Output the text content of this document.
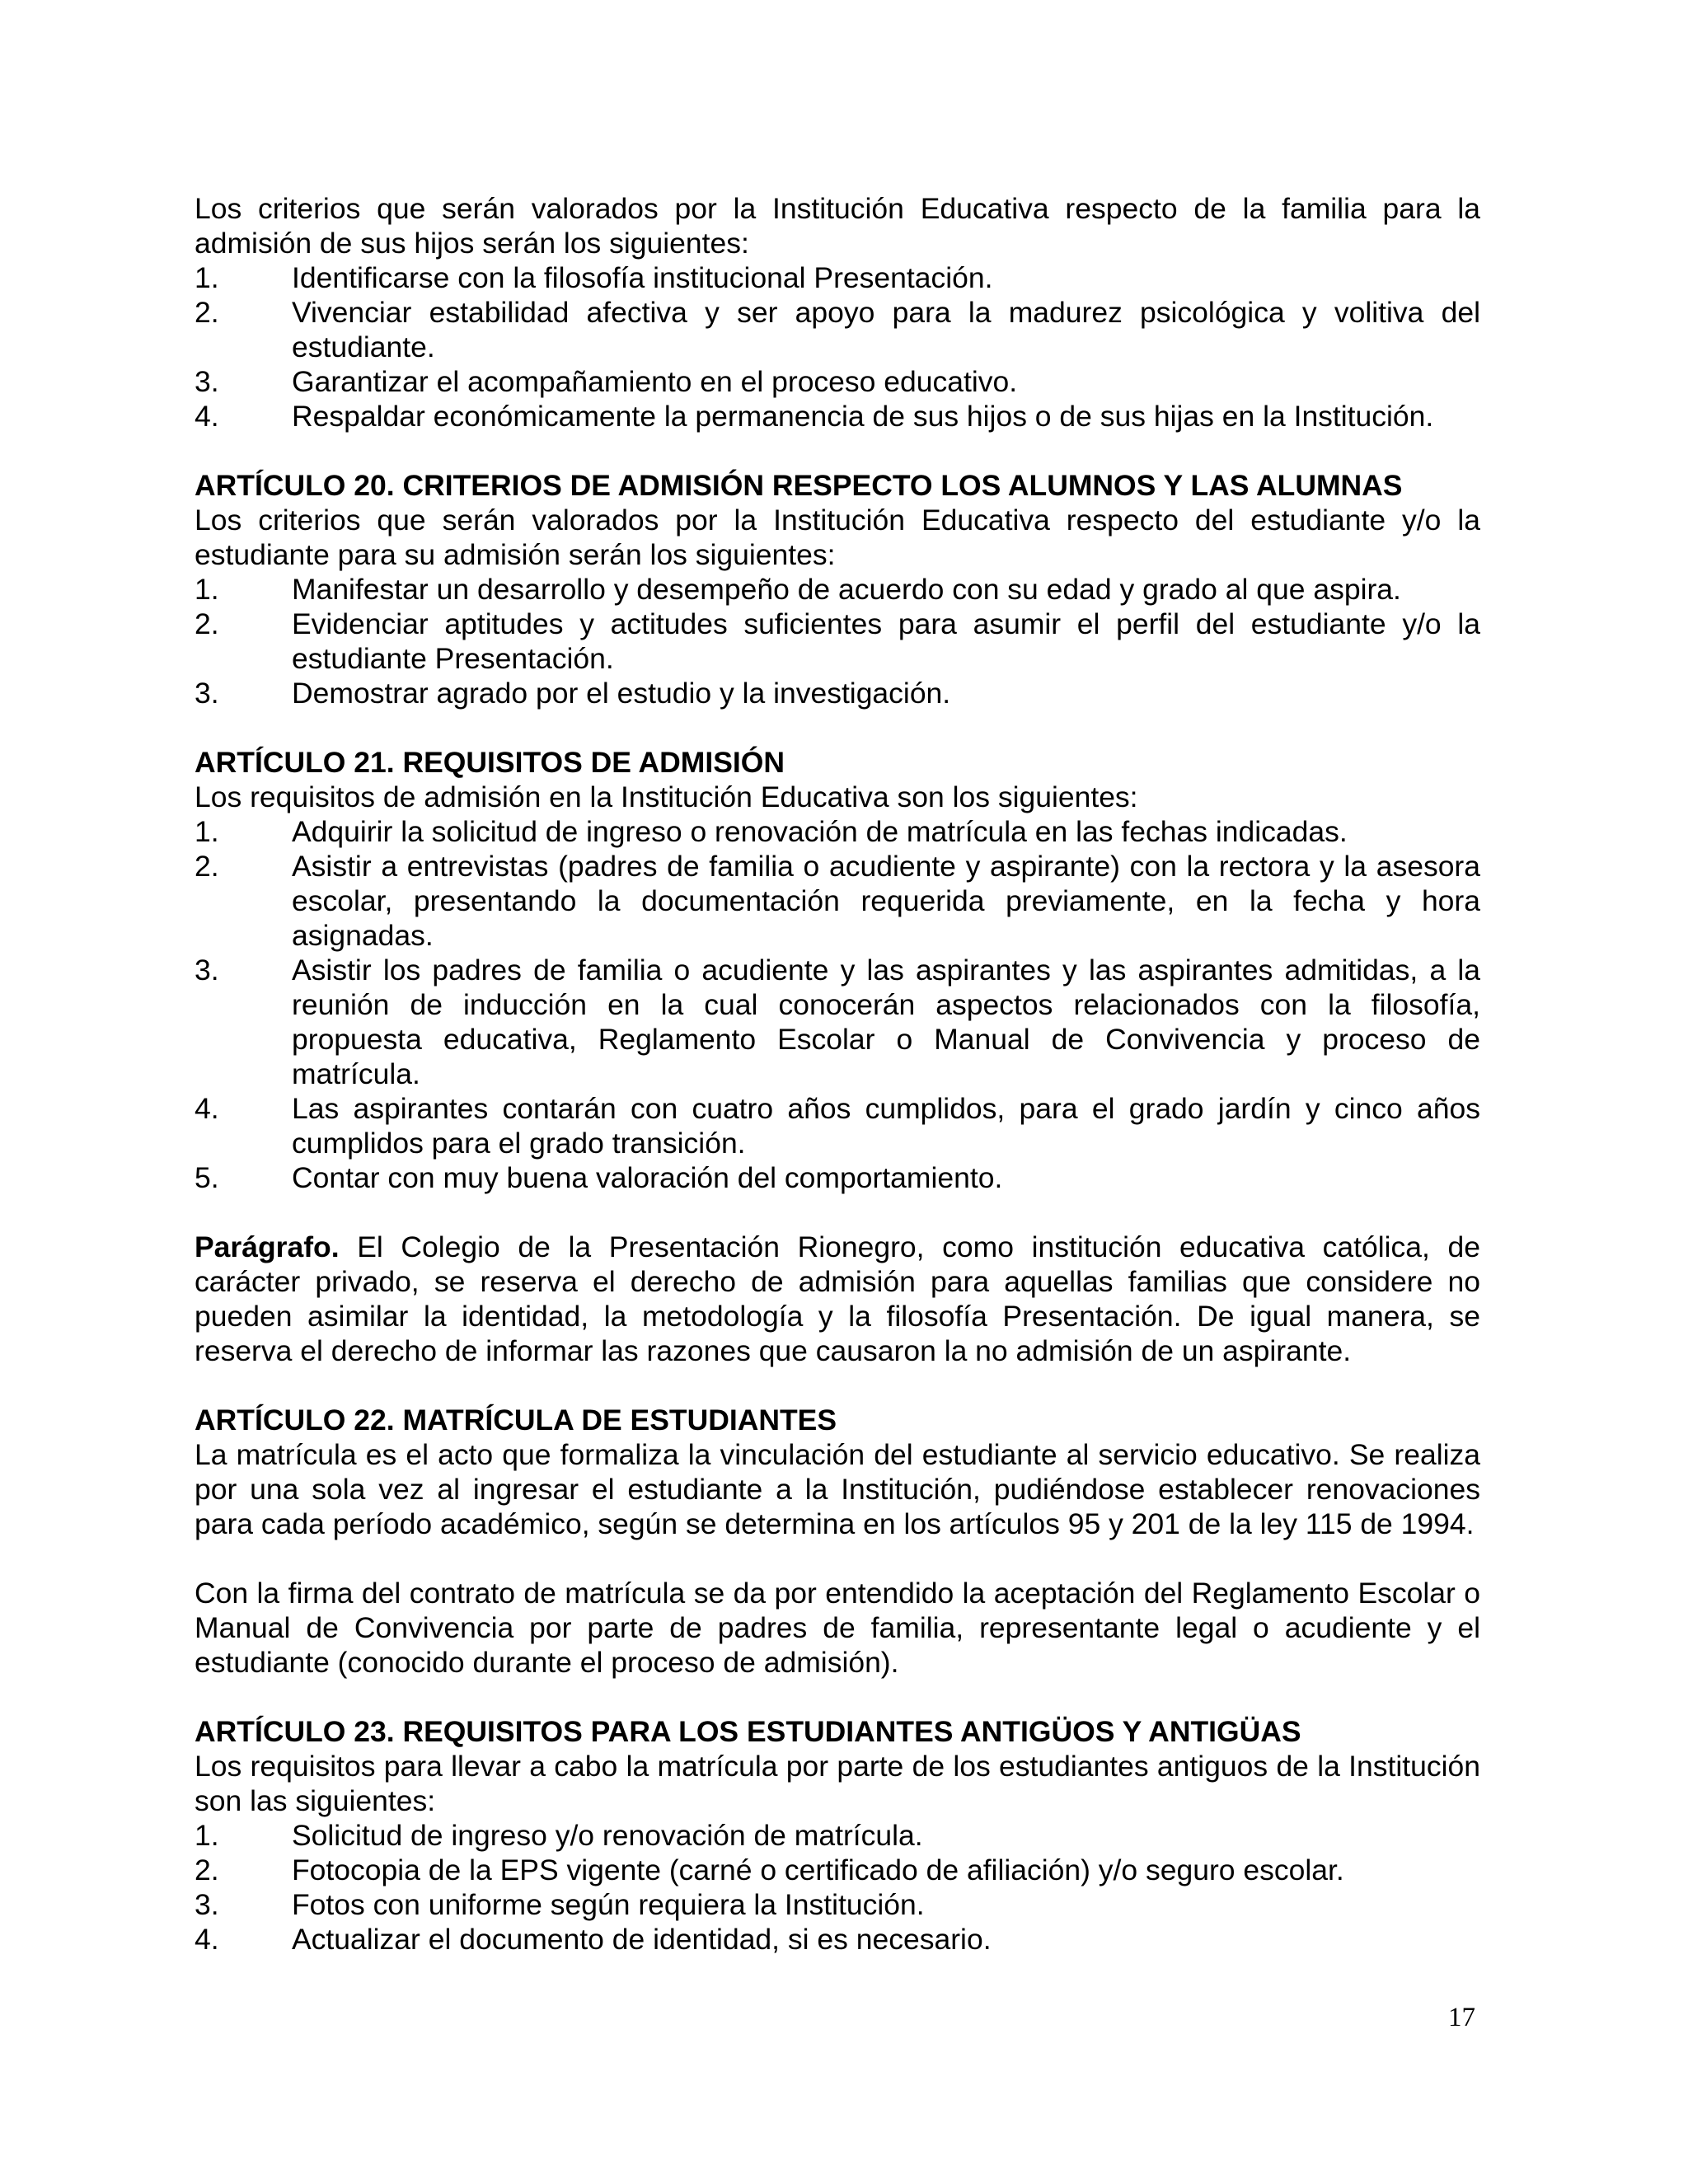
Los criterios que serán valorados por la Institución Educativa respecto de la familia para la admisión de sus hijos serán los siguientes:

1.	Identificarse con la filosofía institucional Presentación.
2.	Vivenciar estabilidad afectiva y ser apoyo para la madurez psicológica y volitiva del estudiante.
3.	Garantizar el acompañamiento en el proceso educativo.
4.	Respaldar económicamente la permanencia de sus hijos o de sus hijas en la Institución.

ARTÍCULO 20. CRITERIOS DE ADMISIÓN RESPECTO LOS ALUMNOS Y LAS ALUMNAS

Los criterios que serán valorados por la Institución Educativa respecto del estudiante y/o la estudiante para su admisión serán los siguientes:

1.	Manifestar un desarrollo y desempeño de acuerdo con su edad y grado al que aspira.
2.	Evidenciar aptitudes y actitudes suficientes para asumir el perfil del estudiante y/o la estudiante Presentación.
3.	Demostrar agrado por el estudio y la investigación.

ARTÍCULO 21. REQUISITOS DE ADMISIÓN

Los requisitos de admisión en la Institución Educativa son los siguientes:

1.	Adquirir la solicitud de ingreso o renovación de matrícula en las fechas indicadas.
2.	Asistir a entrevistas (padres de familia o acudiente y aspirante) con la rectora y la asesora escolar, presentando la documentación requerida previamente, en la fecha y hora asignadas.
3.	Asistir los padres de familia o acudiente y las aspirantes y las aspirantes admitidas, a la reunión de inducción en la cual conocerán aspectos relacionados con la filosofía, propuesta educativa, Reglamento Escolar o Manual de Convivencia y proceso de matrícula.
4.	Las aspirantes contarán con cuatro años cumplidos, para el grado jardín y cinco años cumplidos para el grado transición.
5.	Contar con muy buena valoración del comportamiento.

Parágrafo. El Colegio de la Presentación Rionegro, como institución educativa católica, de carácter privado, se reserva el derecho de admisión para aquellas familias que considere no pueden asimilar la identidad, la metodología y la filosofía Presentación. De igual manera, se reserva el derecho de informar las razones que causaron la no admisión de un aspirante.

ARTÍCULO 22. MATRÍCULA DE ESTUDIANTES

La matrícula es el acto que formaliza la vinculación del estudiante al servicio educativo. Se realiza por una sola vez al ingresar el estudiante a la Institución, pudiéndose establecer renovaciones para cada período académico, según se determina en los artículos 95 y 201 de la ley 115 de 1994.

Con la firma del contrato de matrícula se da por entendido la aceptación del Reglamento Escolar o Manual de Convivencia por parte de padres de familia, representante legal o acudiente y el estudiante (conocido durante el proceso de admisión).

ARTÍCULO 23. REQUISITOS PARA LOS ESTUDIANTES ANTIGÜOS Y ANTIGÜAS

Los requisitos para llevar a cabo la matrícula por parte de los estudiantes antiguos de la Institución son las siguientes:

1.	Solicitud de ingreso y/o renovación de matrícula.
2.	Fotocopia de la EPS vigente (carné o certificado de afiliación) y/o seguro escolar.
3.	Fotos con uniforme según requiera la Institución.
4.	Actualizar el documento de identidad, si es necesario.
17
